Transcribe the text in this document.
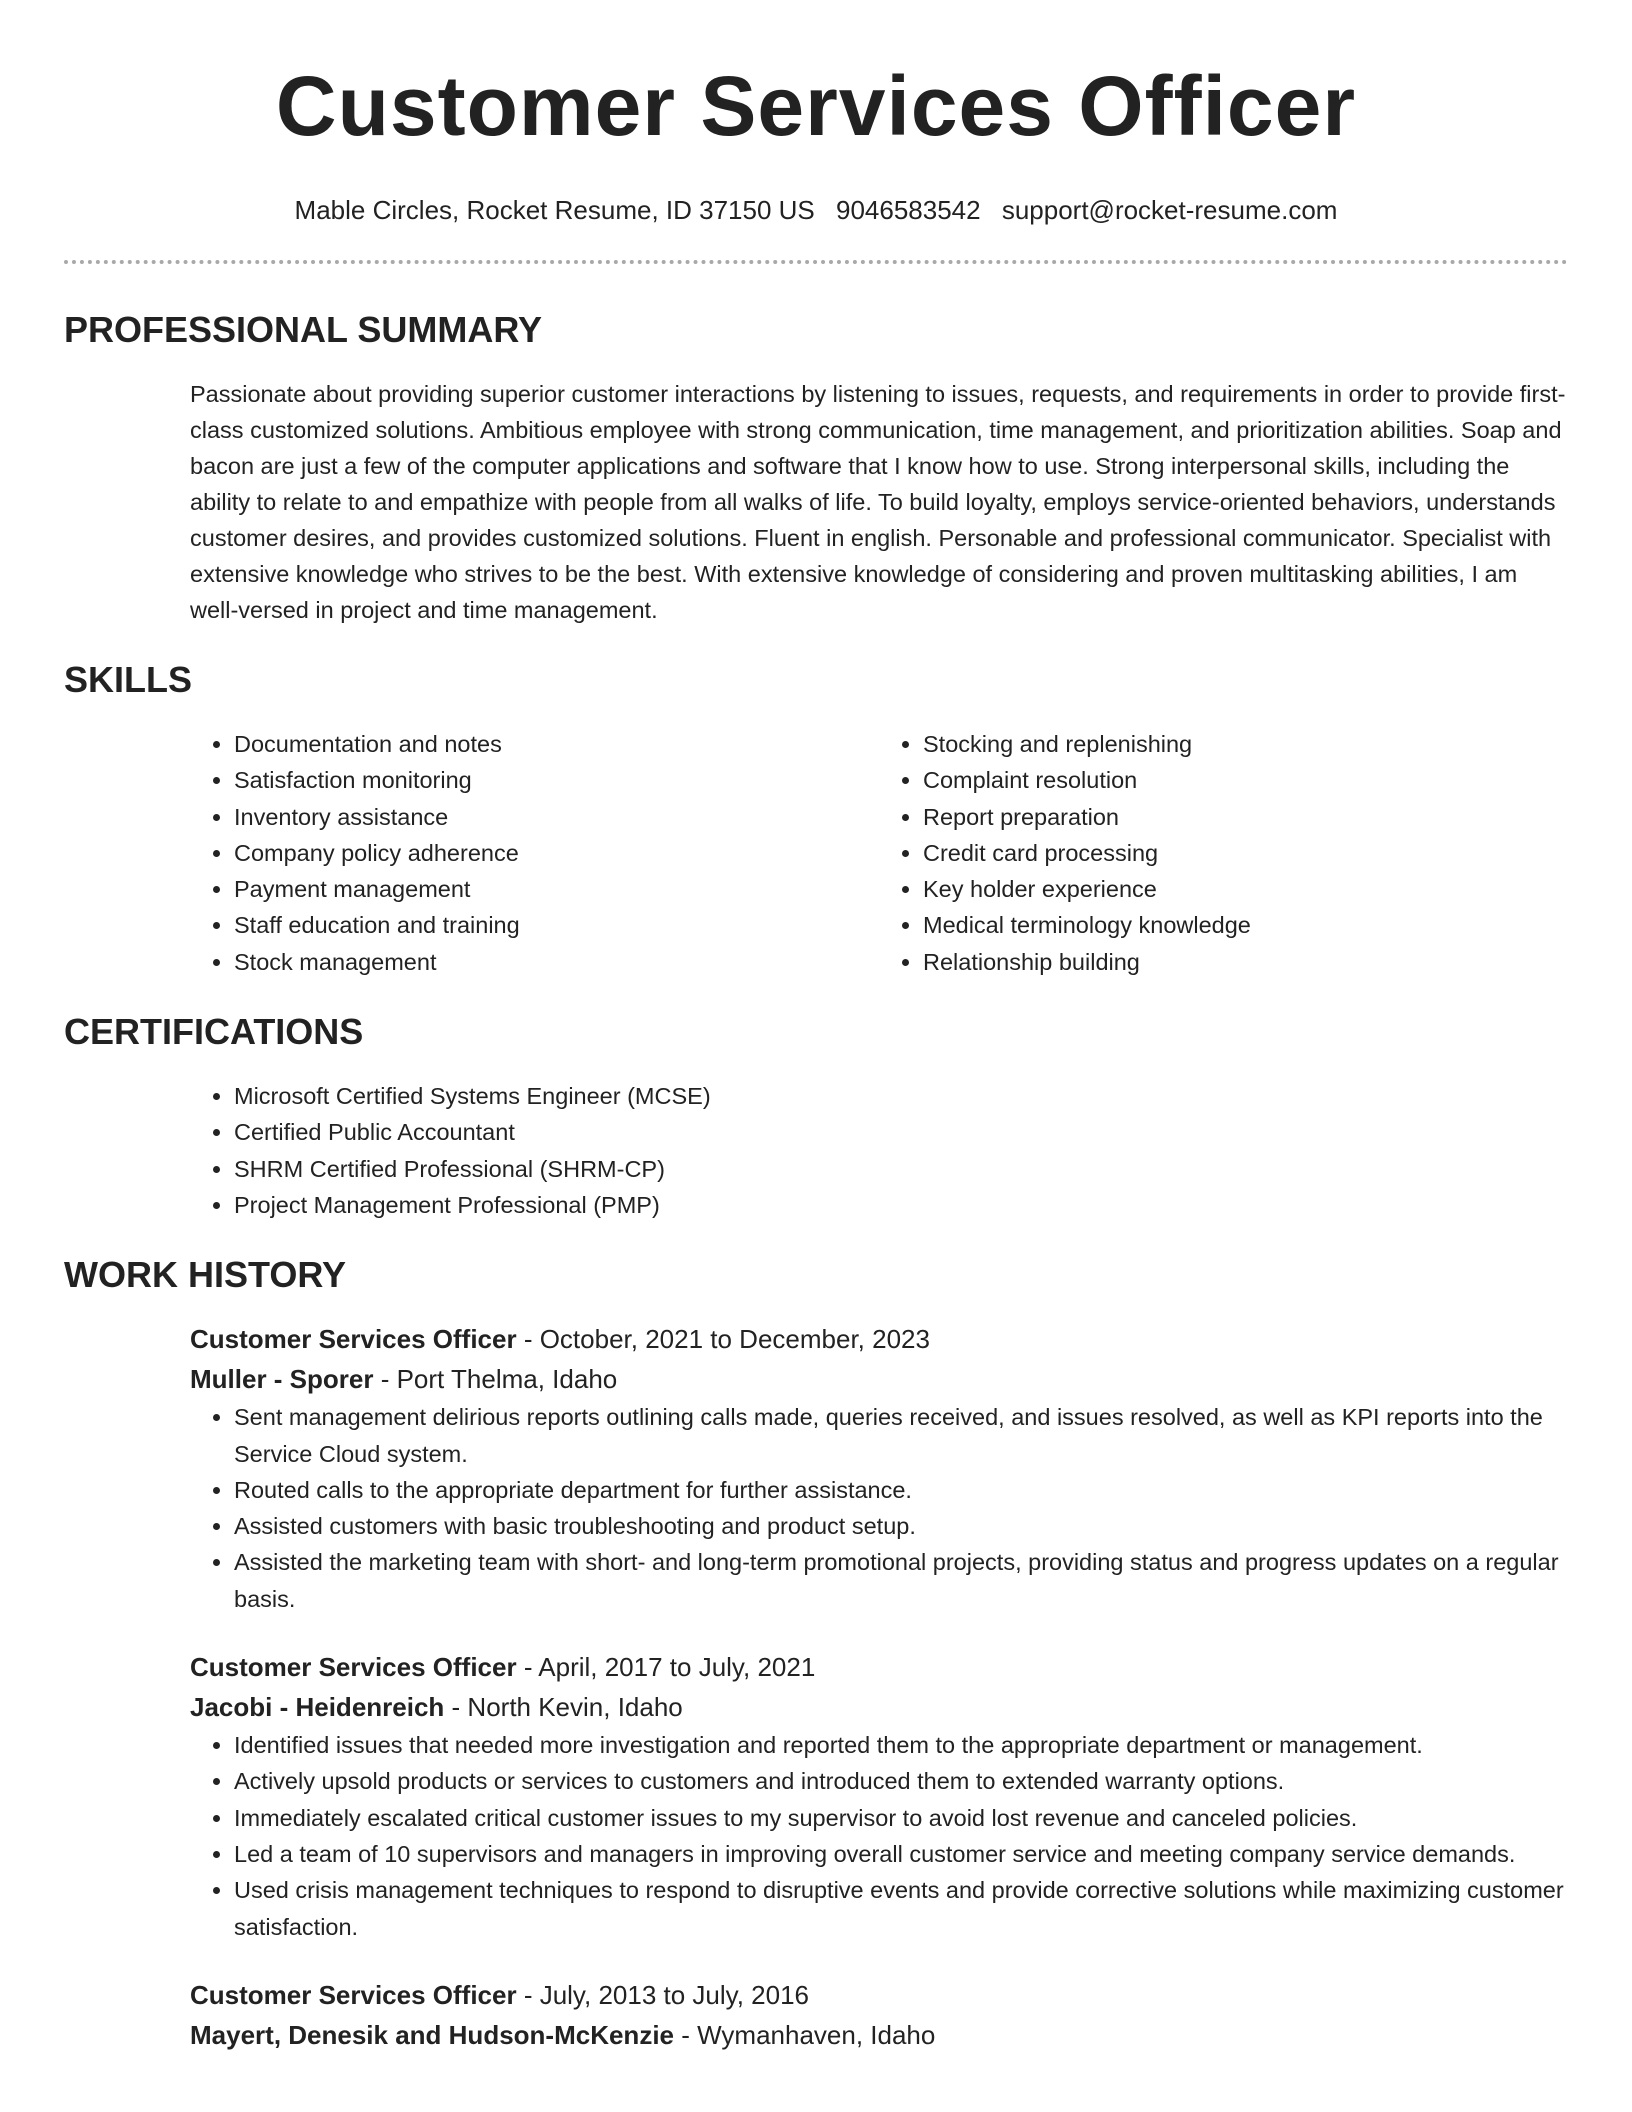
Customer Services Officer
Mable Circles, Rocket Resume, ID 37150 US 9046583542 support@rocket-resume.com
PROFESSIONAL SUMMARY

Passionate about providing superior customer interactions by listening to issues, requests, and requirements in order to provide first-class customized solutions. Ambitious employee with strong communication, time management, and prioritization abilities. Soap and bacon are just a few of the computer applications and software that I know how to use. Strong interpersonal skills, including the ability to relate to and empathize with people from all walks of life. To build loyalty, employs service-oriented behaviors, understands customer desires, and provides customized solutions. Fluent in english. Personable and professional communicator. Specialist with extensive knowledge who strives to be the best. With extensive knowledge of considering and proven multitasking abilities, I am well-versed in project and time management.

SKILLS
• Documentation and notes
• Satisfaction monitoring
• Inventory assistance
• Company policy adherence
• Payment management
• Staff education and training
• Stock management
• Stocking and replenishing
• Complaint resolution
• Report preparation
• Credit card processing
• Key holder experience
• Medical terminology knowledge
• Relationship building
CERTIFICATIONS
• Microsoft Certified Systems Engineer (MCSE)
• Certified Public Accountant
• SHRM Certified Professional (SHRM-CP)
• Project Management Professional (PMP)
WORK HISTORY

Customer Services Officer - October, 2021 to December, 2023

Muller - Sporer - Port Thelma, Idaho

• Sent management delirious reports outlining calls made, queries received, and issues resolved, as well as KPI reports into the Service Cloud system.
• Routed calls to the appropriate department for further assistance.
• Assisted customers with basic troubleshooting and product setup.
• Assisted the marketing team with short- and long-term promotional projects, providing status and progress updates on a regular basis.

Customer Services Officer - April, 2017 to July, 2021

Jacobi - Heidenreich - North Kevin, Idaho

• Identified issues that needed more investigation and reported them to the appropriate department or management.
• Actively upsold products or services to customers and introduced them to extended warranty options.
• Immediately escalated critical customer issues to my supervisor to avoid lost revenue and canceled policies.
• Led a team of 10 supervisors and managers in improving overall customer service and meeting company service demands.
• Used crisis management techniques to respond to disruptive events and provide corrective solutions while maximizing customer satisfaction.

Customer Services Officer - July, 2013 to July, 2016

Mayert, Denesik and Hudson-McKenzie - Wymanhaven, Idaho
